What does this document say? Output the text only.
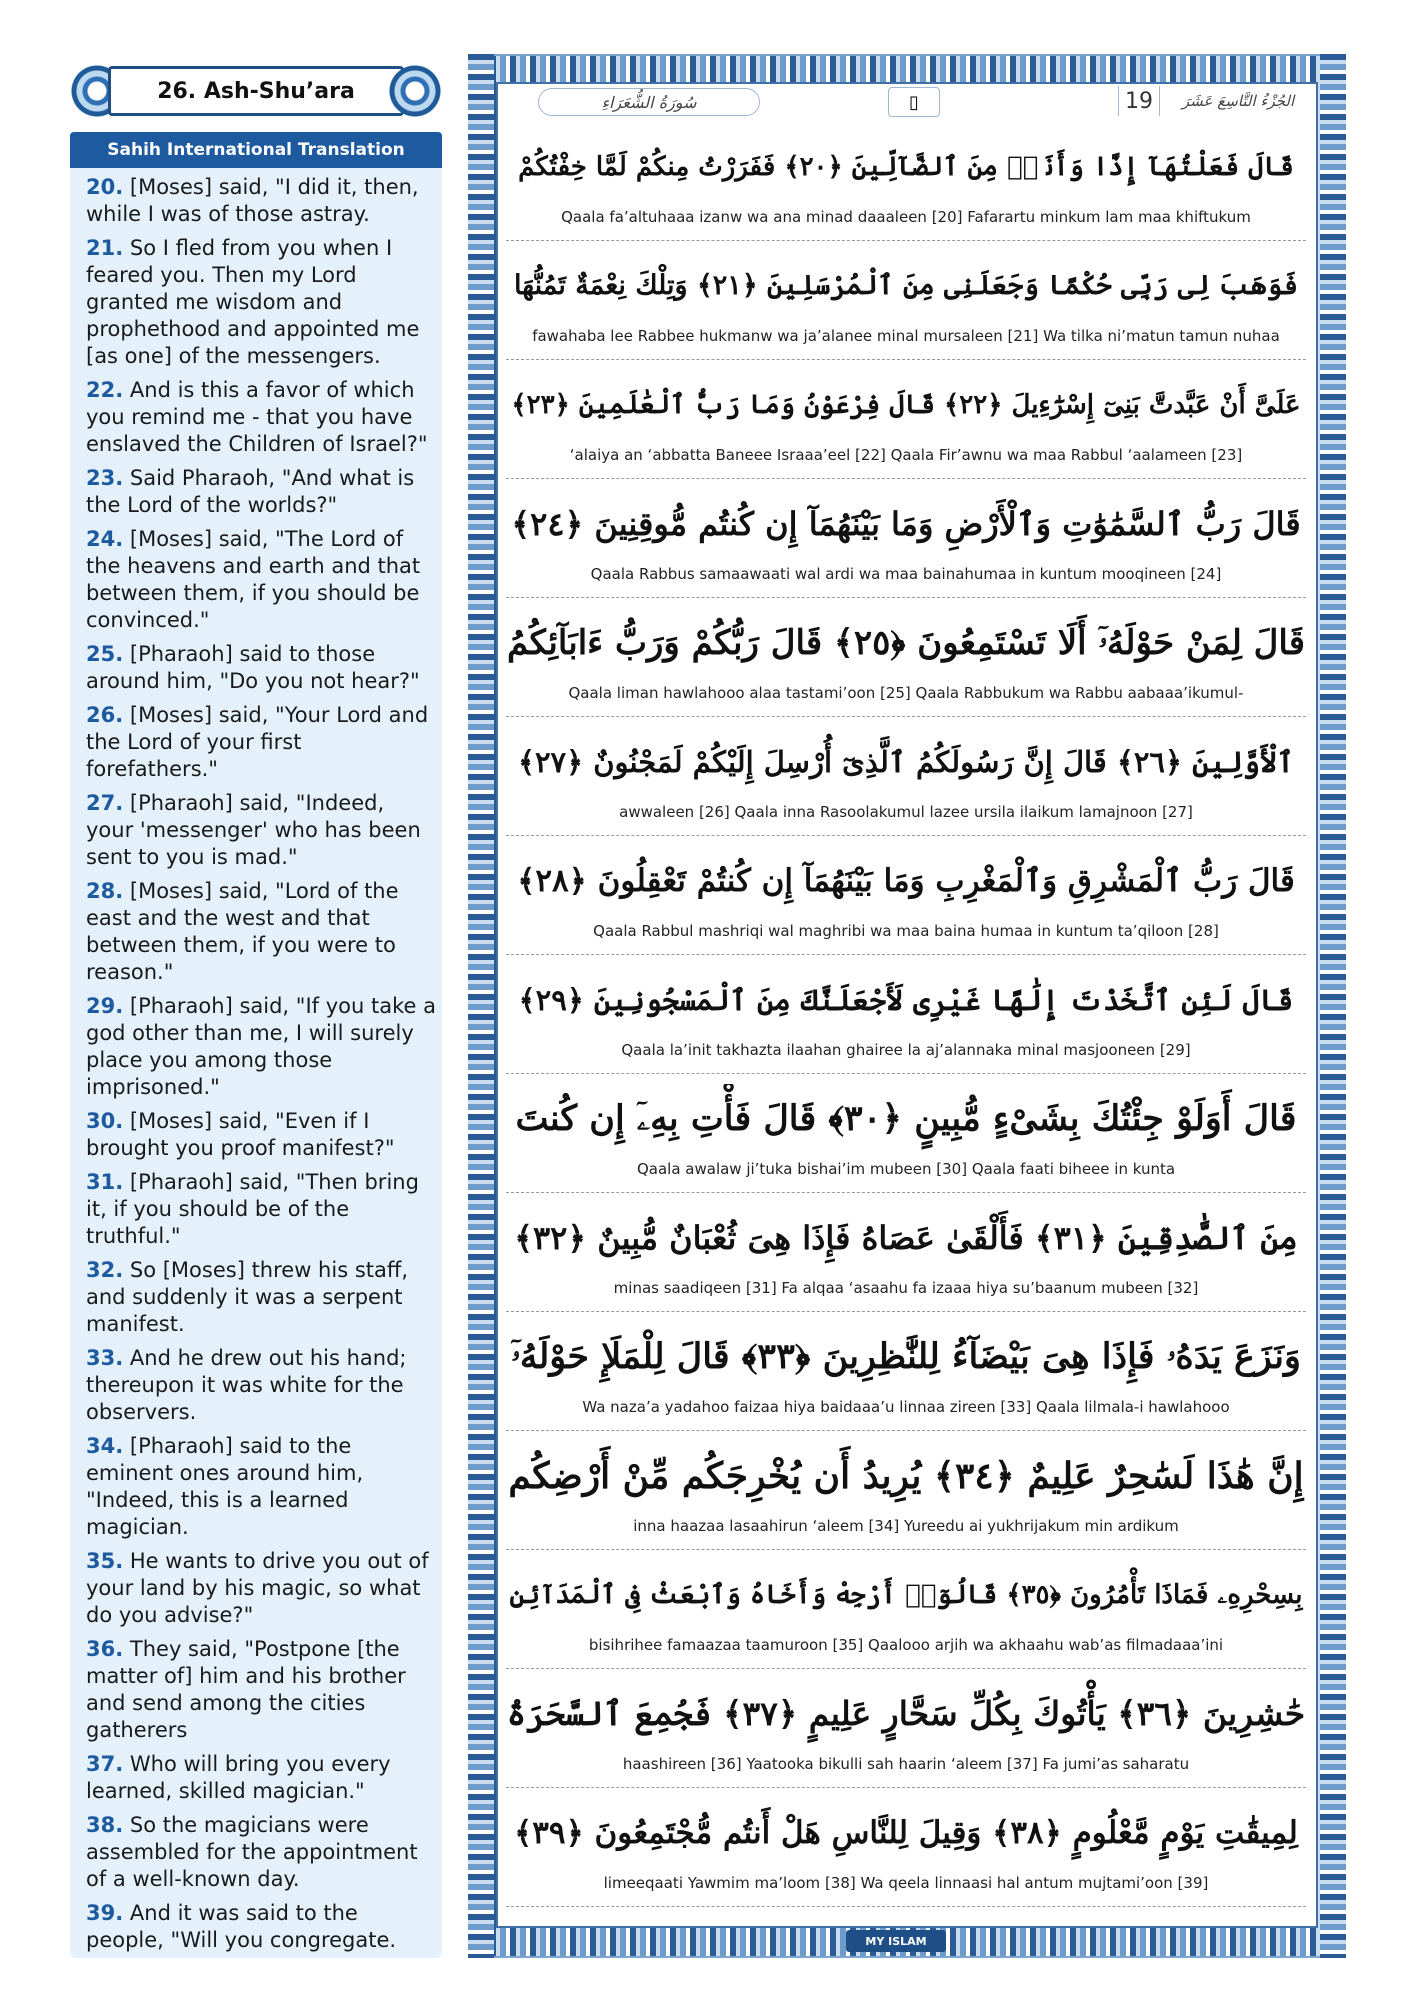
26. Ash-Shu’ara
Sahih International Translation
20. [Moses] said, "I did it, then, while I was of those astray.
21. So I fled from you when I feared you. Then my Lord granted me wisdom and prophethood and appointed me [as one] of the messengers.
22. And is this a favor of which you remind me - that you have enslaved the Children of Israel?"
23. Said Pharaoh, "And what is the Lord of the worlds?"
24. [Moses] said, "The Lord of the heavens and earth and that between them, if you should be convinced."
25. [Pharaoh] said to those around him, "Do you not hear?"
26. [Moses] said, "Your Lord and the Lord of your first forefathers."
27. [Pharaoh] said, "Indeed, your 'messenger' who has been sent to you is mad."
28. [Moses] said, "Lord of the east and the west and that between them, if you were to reason."
29. [Pharaoh] said, "If you take a god other than me, I will surely place you among those imprisoned."
30. [Moses] said, "Even if I brought you proof manifest?"
31. [Pharaoh] said, "Then bring it, if you should be of the truthful."
32. So [Moses] threw his staff, and suddenly it was a serpent manifest.
33. And he drew out his hand; thereupon it was white for the observers.
34. [Pharaoh] said to the eminent ones around him, "Indeed, this is a learned magician.
35. He wants to drive you out of your land by his magic, so what do you advise?"
36. They said, "Postpone [the matter of] him and his brother and send among the cities gatherers
37. Who will bring you every learned, skilled magician."
38. So the magicians were assembled for the appointment of a well-known day.
39. And it was said to the people, "Will you congregate.
سُورَةُ الشُّعَرَاءِ	▯	19	الجُزْءُ التَّاسِعَ عَشَرَ
قَالَ فَعَلْتُهَآ إِذًا وَأَنَا۠ مِنَ ٱلضَّآلِّينَ ﴿٢٠﴾ فَفَرَرْتُ مِنكُمْ لَمَّا خِفْتُكُمْ
Qaala fa’altuhaaa izanw wa ana minad daaaleen [20] Fafarartu minkum lam maa khiftukum
فَوَهَبَ لِى رَبِّى حُكْمًا وَجَعَلَنِى مِنَ ٱلْمُرْسَلِينَ ﴿٢١﴾ وَتِلْكَ نِعْمَةٌ تَمُنُّهَا
fawahaba lee Rabbee hukmanw wa ja’alanee minal mursaleen [21] Wa tilka ni’matun tamun nuhaa
عَلَىَّ أَنْ عَبَّدتَّ بَنِىٓ إِسْرَٰٓءِيلَ ﴿٢٢﴾ قَالَ فِرْعَوْنُ وَمَا رَبُّ ٱلْعَٰلَمِينَ ﴿٢٣﴾
‘alaiya an ‘abbatta Baneee Israaa’eel [22] Qaala Fir’awnu wa maa Rabbul ‘aalameen [23]
قَالَ رَبُّ ٱلسَّمَٰوَٰتِ وَٱلْأَرْضِ وَمَا بَيْنَهُمَآ إِن كُنتُم مُّوقِنِينَ ﴿٢٤﴾
Qaala Rabbus samaawaati wal ardi wa maa bainahumaa in kuntum mooqineen [24]
قَالَ لِمَنْ حَوْلَهُۥٓ أَلَا تَسْتَمِعُونَ ﴿٢٥﴾ قَالَ رَبُّكُمْ وَرَبُّ ءَابَآئِكُمُ
Qaala liman hawlahooo alaa tastami’oon [25] Qaala Rabbukum wa Rabbu aabaaa’ikumul-
ٱلْأَوَّلِينَ ﴿٢٦﴾ قَالَ إِنَّ رَسُولَكُمُ ٱلَّذِىٓ أُرْسِلَ إِلَيْكُمْ لَمَجْنُونٌ ﴿٢٧﴾
awwaleen [26] Qaala inna Rasoolakumul lazee ursila ilaikum lamajnoon [27]
قَالَ رَبُّ ٱلْمَشْرِقِ وَٱلْمَغْرِبِ وَمَا بَيْنَهُمَآ إِن كُنتُمْ تَعْقِلُونَ ﴿٢٨﴾
Qaala Rabbul mashriqi wal maghribi wa maa baina humaa in kuntum ta’qiloon [28]
قَالَ لَئِنِ ٱتَّخَذْتَ إِلَٰهًا غَيْرِى لَأَجْعَلَنَّكَ مِنَ ٱلْمَسْجُونِينَ ﴿٢٩﴾
Qaala la’init takhazta ilaahan ghairee la aj’alannaka minal masjooneen [29]
قَالَ أَوَلَوْ جِئْتُكَ بِشَىْءٍ مُّبِينٍ ﴿٣٠﴾ قَالَ فَأْتِ بِهِۦٓ إِن كُنتَ
Qaala awalaw ji’tuka bishai’im mubeen [30] Qaala faati biheee in kunta
مِنَ ٱلصَّٰدِقِينَ ﴿٣١﴾ فَأَلْقَىٰ عَصَاهُ فَإِذَا هِىَ ثُعْبَانٌ مُّبِينٌ ﴿٣٢﴾
minas saadiqeen [31] Fa alqaa ‘asaahu fa izaaa hiya su’baanum mubeen [32]
وَنَزَعَ يَدَهُۥ فَإِذَا هِىَ بَيْضَآءُ لِلنَّٰظِرِينَ ﴿٣٣﴾ قَالَ لِلْمَلَإِ حَوْلَهُۥٓ
Wa naza’a yadahoo faizaa hiya baidaaa’u linnaa zireen [33] Qaala lilmala-i hawlahooo
إِنَّ هَٰذَا لَسَٰحِرٌ عَلِيمٌ ﴿٣٤﴾ يُرِيدُ أَن يُخْرِجَكُم مِّنْ أَرْضِكُم
inna haazaa lasaahirun ‘aleem [34] Yureedu ai yukhrijakum min ardikum
بِسِحْرِهِۦ فَمَاذَا تَأْمُرُونَ ﴿٣٥﴾ قَالُوٓا۟ أَرْجِهْ وَأَخَاهُ وَٱبْعَثْ فِى ٱلْمَدَآئِنِ
bisihrihee famaazaa taamuroon [35] Qaalooo arjih wa akhaahu wab’as filmadaaa’ini
حَٰشِرِينَ ﴿٣٦﴾ يَأْتُوكَ بِكُلِّ سَحَّارٍ عَلِيمٍ ﴿٣٧﴾ فَجُمِعَ ٱلسَّحَرَةُ
haashireen [36] Yaatooka bikulli sah haarin ‘aleem [37] Fa jumi’as saharatu
لِمِيقَٰتِ يَوْمٍ مَّعْلُومٍ ﴿٣٨﴾ وَقِيلَ لِلنَّاسِ هَلْ أَنتُم مُّجْتَمِعُونَ ﴿٣٩﴾
limeeqaati Yawmim ma’loom [38] Wa qeela linnaasi hal antum mujtami’oon [39]
MY ISLAM
